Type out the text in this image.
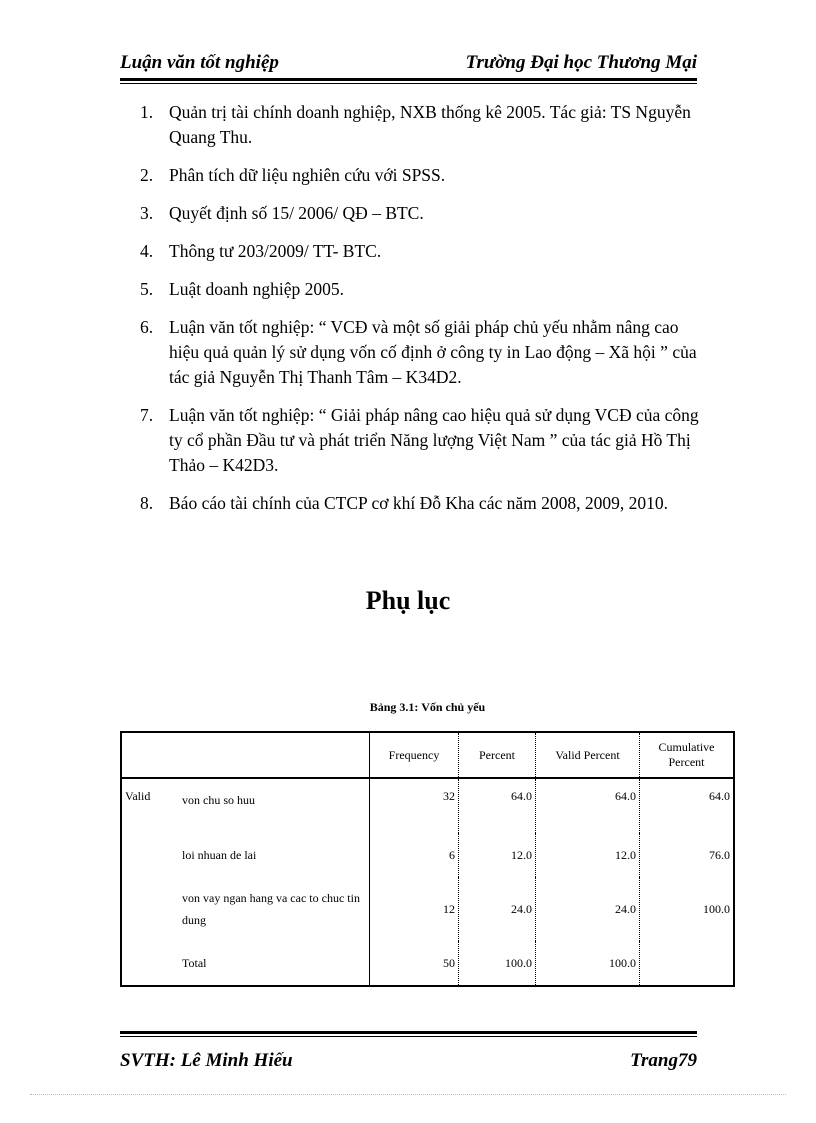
Luận văn tốt nghiệp	Trường Đại học Thương Mại
1. Quản trị tài chính doanh nghiệp, NXB thống kê 2005. Tác giả: TS Nguyễn Quang Thu.
2. Phân tích dữ liệu nghiên cứu với SPSS.
3. Quyết định số 15/ 2006/ QĐ – BTC.
4. Thông tư 203/2009/ TT- BTC.
5. Luật doanh nghiệp 2005.
6. Luận văn tốt nghiệp: “ VCĐ và một số giải pháp chủ yếu nhằm nâng cao hiệu quả quản lý sử dụng vốn cố định ở công ty in Lao động – Xã hội ” của tác giả Nguyễn Thị Thanh Tâm – K34D2.
7. Luận văn tốt nghiệp: “ Giải pháp nâng cao hiệu quả sử dụng VCĐ của công ty cổ phần Đầu tư và phát triển Năng lượng Việt Nam ” của tác giả Hồ Thị Thảo – K42D3.
8. Báo cáo tài chính của CTCP cơ khí Đỗ Kha các năm 2008, 2009, 2010.
Phụ lục
Bảng 3.1: Vốn chủ yếu
		Frequency	Percent	Valid Percent	Cumulative Percent
Valid	von chu so huu	32	64.0	64.0	64.0
	loi nhuan de lai	6	12.0	12.0	76.0
	von vay ngan hang va cac to chuc tin dung	12	24.0	24.0	100.0
	Total	50	100.0	100.0	
SVTH: Lê Minh Hiếu	Trang79
